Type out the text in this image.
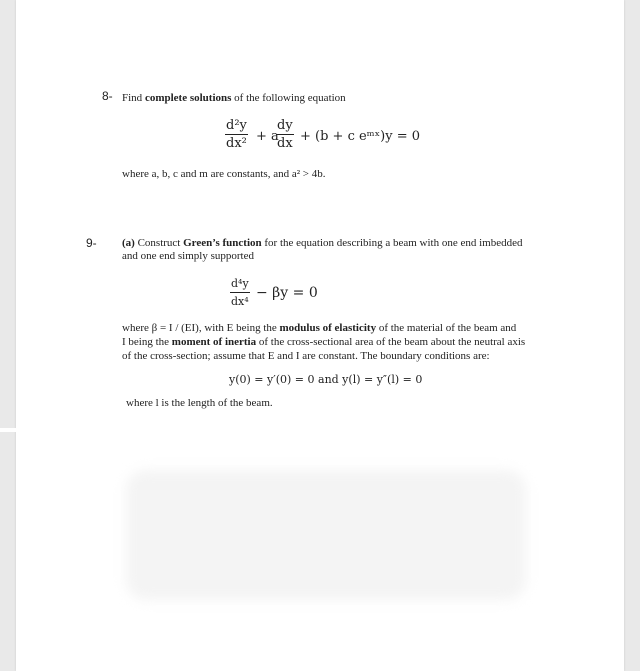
8- Find complete solutions of the following equation
$\frac{\text{d²y}}{\text{dx²}} + a$
$\frac{dy}{dx} + (b + c$ eᵐˣ)y = 0
where a, b, c and m are constants, and a² > 4b.
9- (a) Construct Green’s function for the equation describing a beam with one end imbedded
and one end simply supported
$\frac{\text{d⁴y}}{\text{dx⁴}} - \beta y = 0$
where β = I / (EI), with E being the modulus of elasticity of the material of the beam and
I being the moment of inertia of the cross-sectional area of the beam about the neutral axis
of the cross-section; assume that E and I are constant. The boundary conditions are:
y(0) = y′(0) = 0 and y(l) = y″(l) = 0
where l is the length of the beam.
